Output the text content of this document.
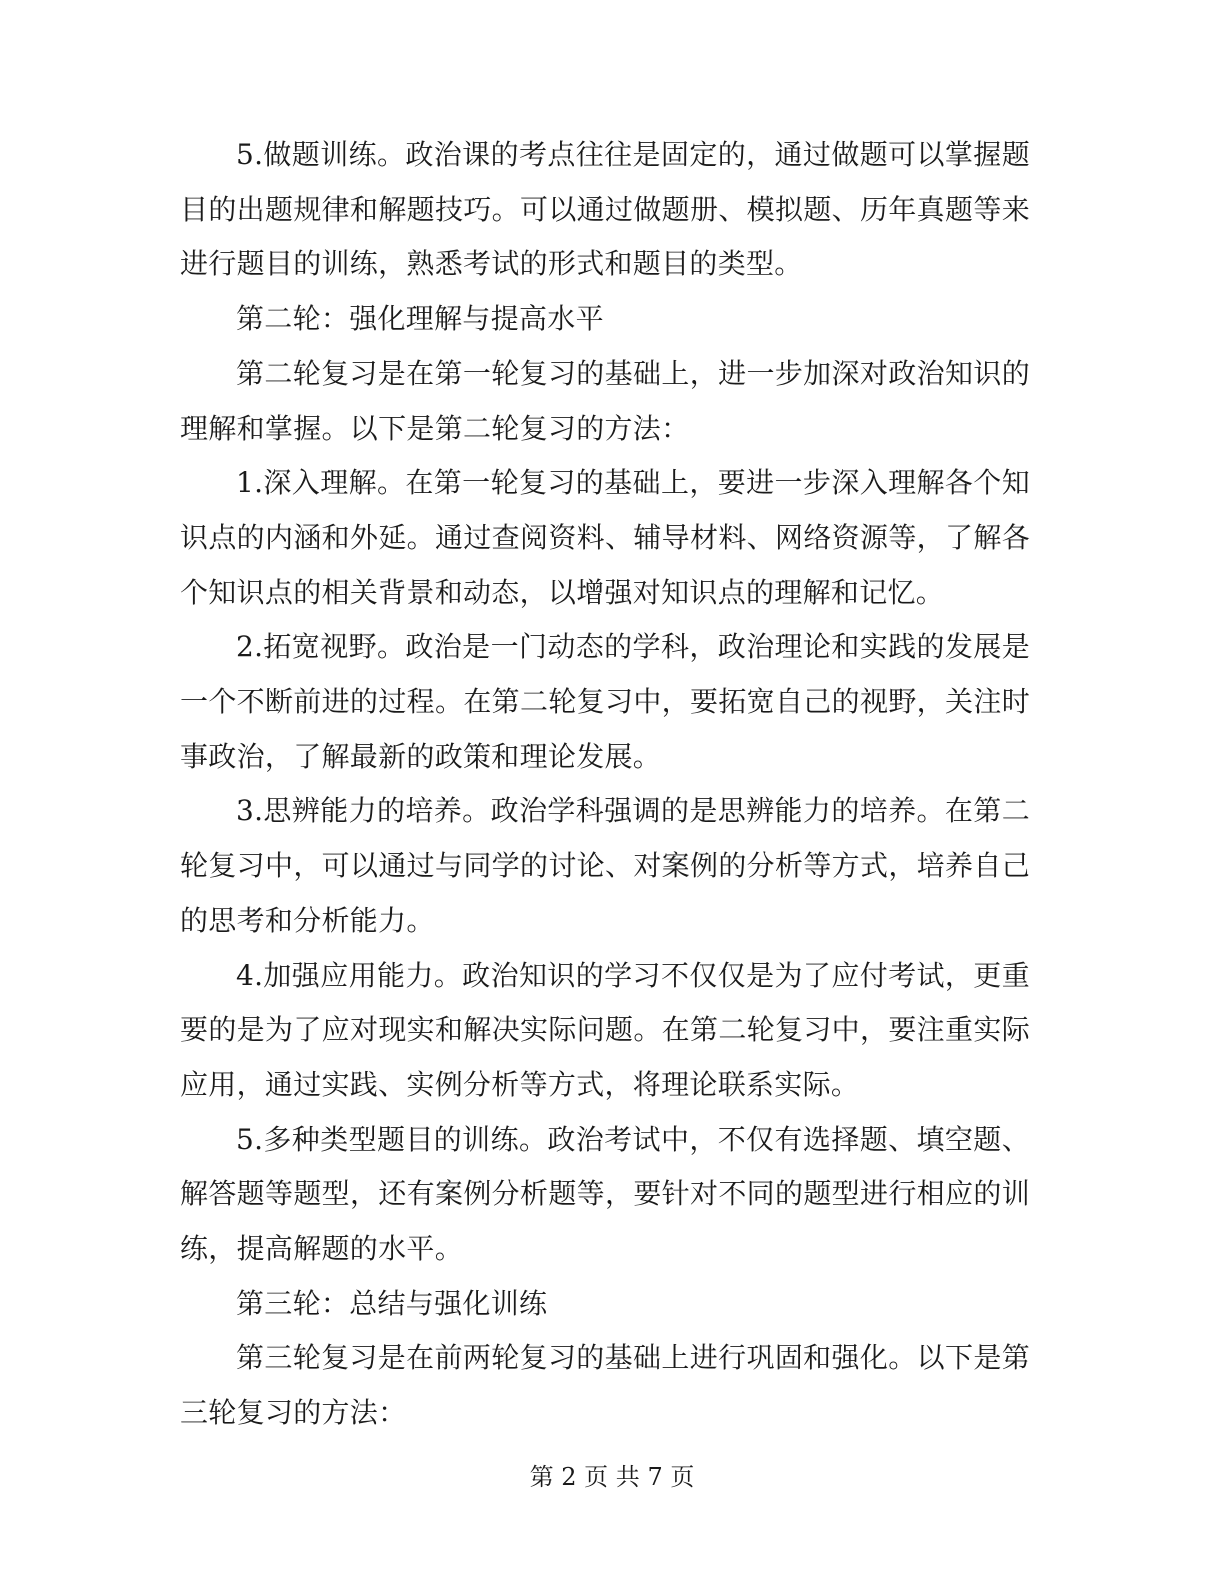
5.做题训练。政治课的考点往往是固定的，通过做题可以掌握题目的出题规律和解题技巧。可以通过做题册、模拟题、历年真题等来进行题目的训练，熟悉考试的形式和题目的类型。

第二轮：强化理解与提高水平

第二轮复习是在第一轮复习的基础上，进一步加深对政治知识的理解和掌握。以下是第二轮复习的方法：

1.深入理解。在第一轮复习的基础上，要进一步深入理解各个知识点的内涵和外延。通过查阅资料、辅导材料、网络资源等，了解各个知识点的相关背景和动态，以增强对知识点的理解和记忆。

2.拓宽视野。政治是一门动态的学科，政治理论和实践的发展是一个不断前进的过程。在第二轮复习中，要拓宽自己的视野，关注时事政治，了解最新的政策和理论发展。

3.思辨能力的培养。政治学科强调的是思辨能力的培养。在第二轮复习中，可以通过与同学的讨论、对案例的分析等方式，培养自己的思考和分析能力。

4.加强应用能力。政治知识的学习不仅仅是为了应付考试，更重要的是为了应对现实和解决实际问题。在第二轮复习中，要注重实际应用，通过实践、实例分析等方式，将理论联系实际。

5.多种类型题目的训练。政治考试中，不仅有选择题、填空题、解答题等题型，还有案例分析题等，要针对不同的题型进行相应的训练，提高解题的水平。

第三轮：总结与强化训练

第三轮复习是在前两轮复习的基础上进行巩固和强化。以下是第三轮复习的方法：

第 2 页 共 7 页
